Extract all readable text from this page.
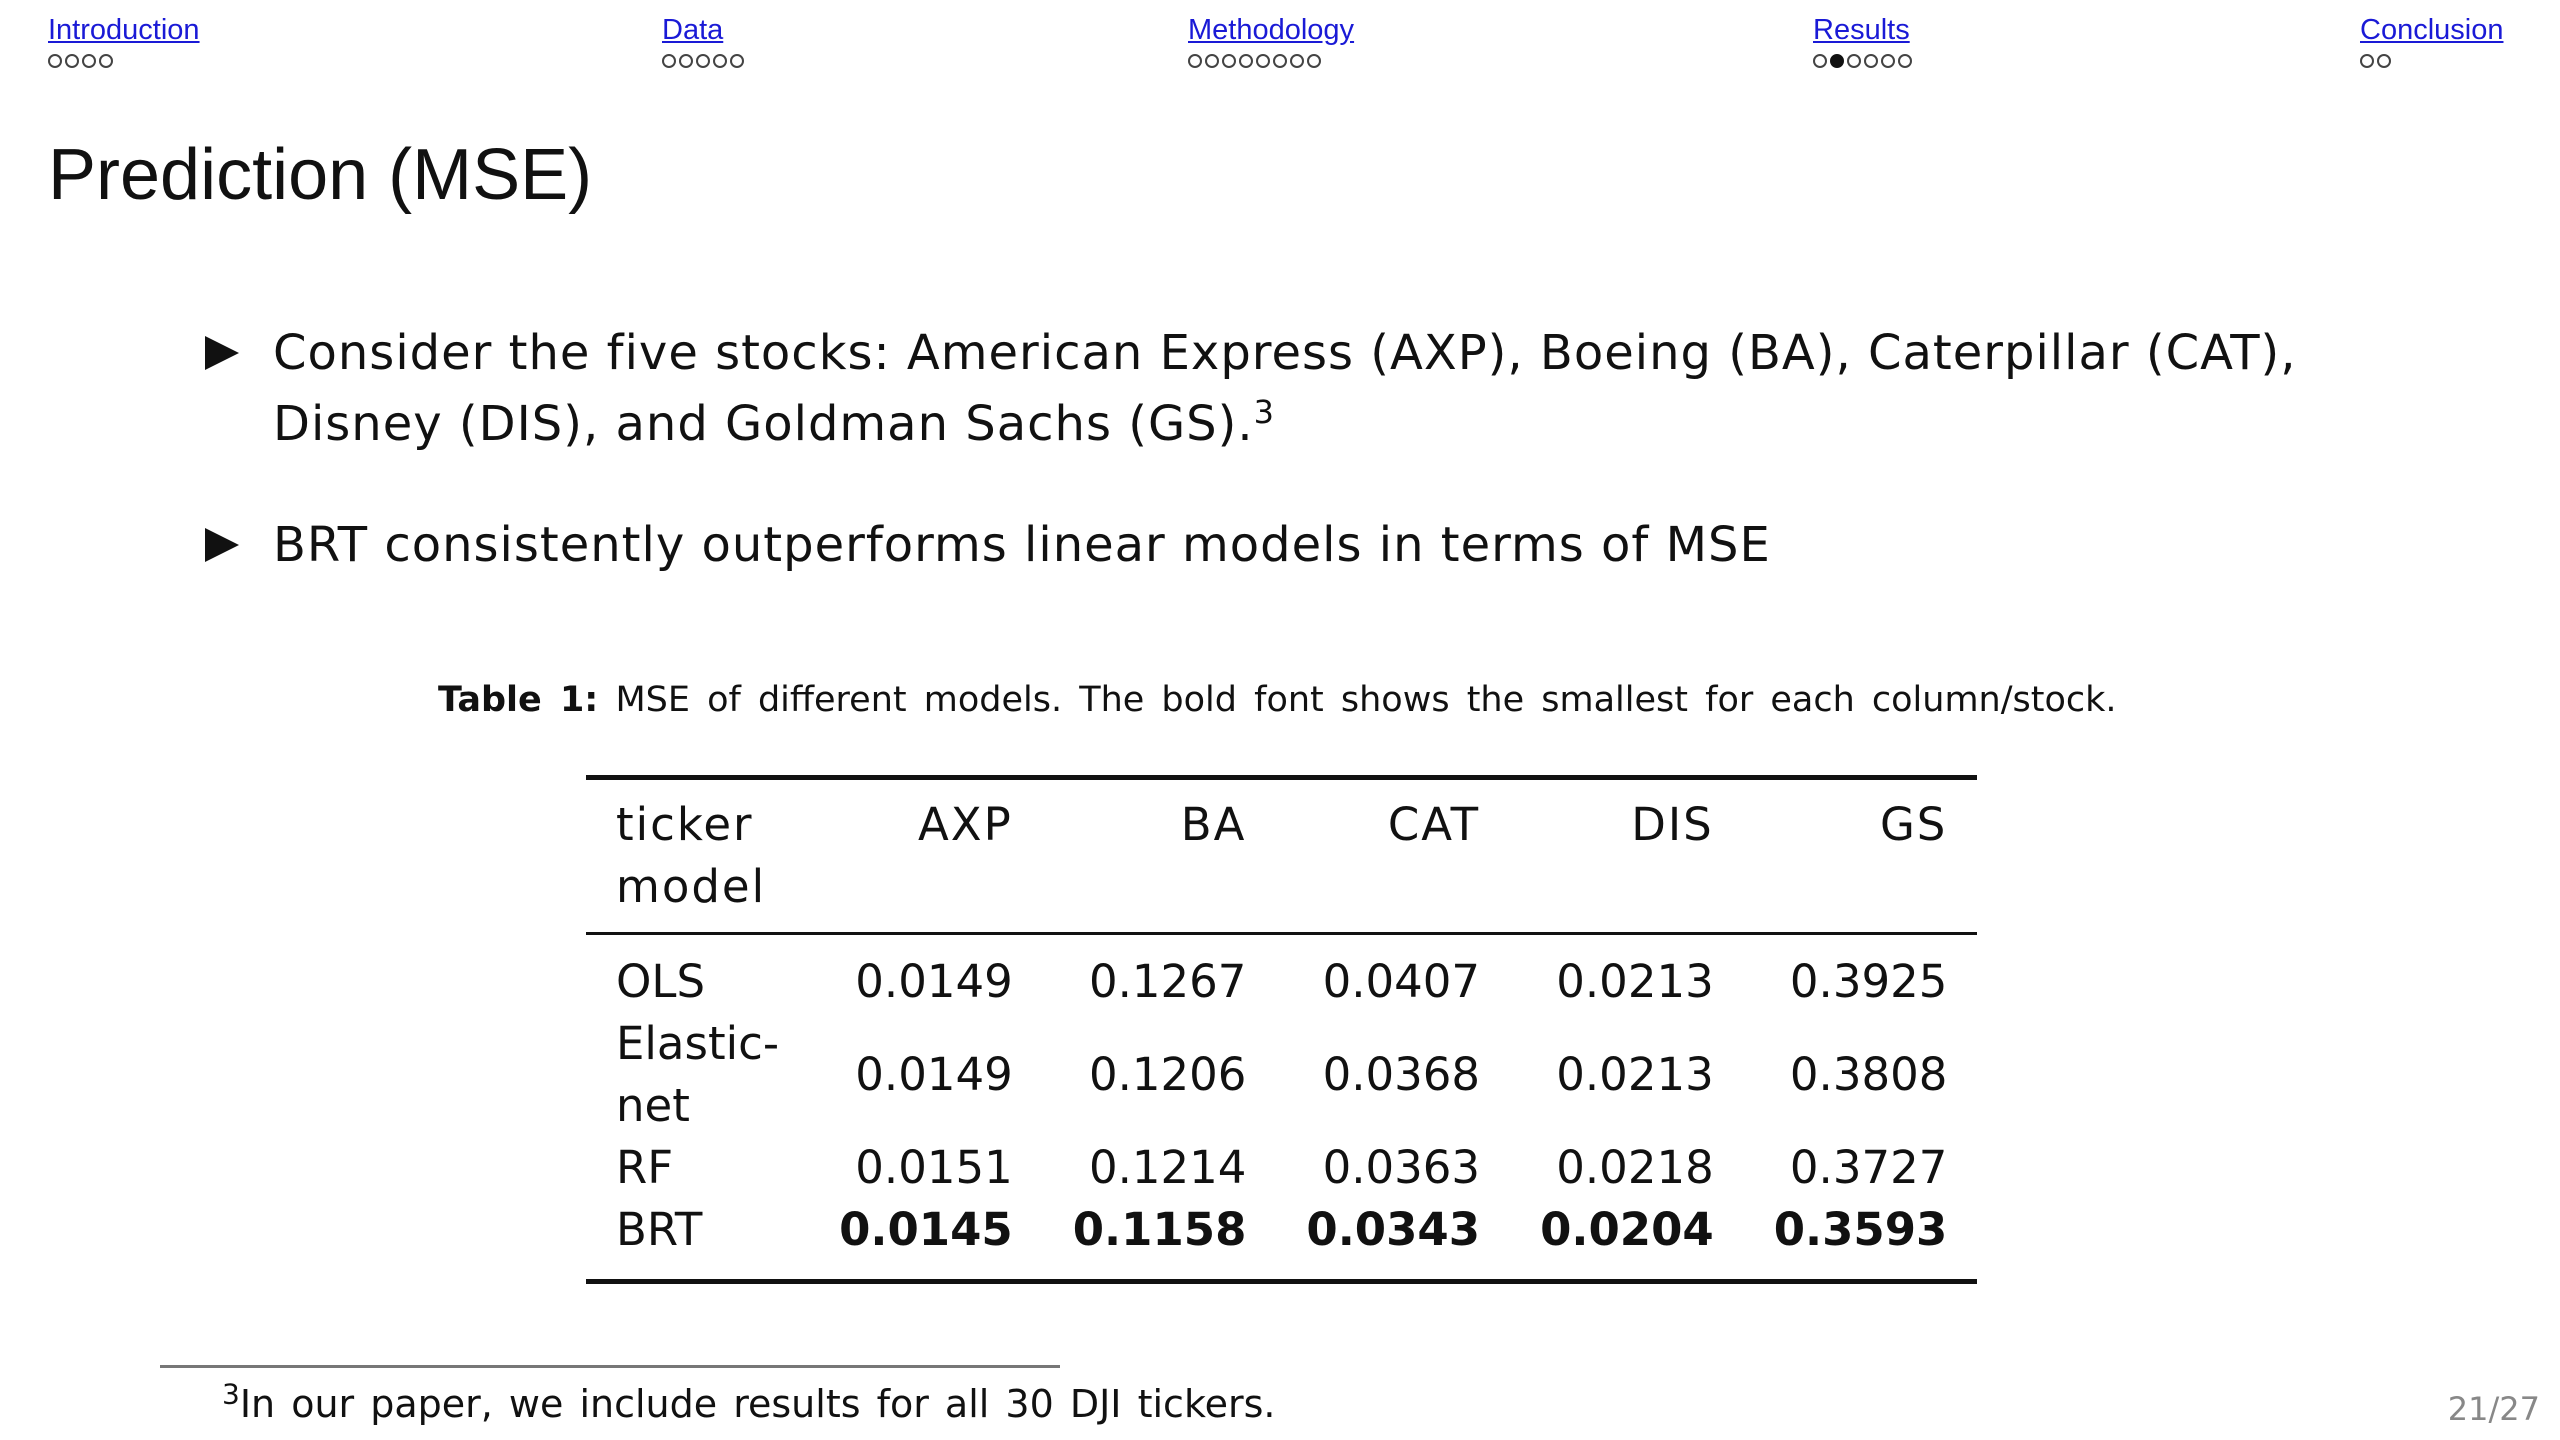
Introduction	Data	Methodology	Results	Conclusion
Prediction (MSE)
Consider the five stocks: American Express (AXP), Boeing (BA), Caterpillar (CAT), Disney (DIS), and Goldman Sachs (GS).$^3$
BRT consistently outperforms linear models in terms of MSE
Table 1: MSE of different models. The bold font shows the smallest for each column/stock.
ticker
model	AXP	BA	CAT	DIS	GS
OLS	0.0149	0.1267	0.0407	0.0213	0.3925
Elastic-net	0.0149	0.1206	0.0368	0.0213	0.3808
RF	0.0151	0.1214	0.0363	0.0218	0.3727
BRT	0.0145	0.1158	0.0343	0.0204	0.3593
$^3$In our paper, we include results for all 30 DJI tickers.	21/27
